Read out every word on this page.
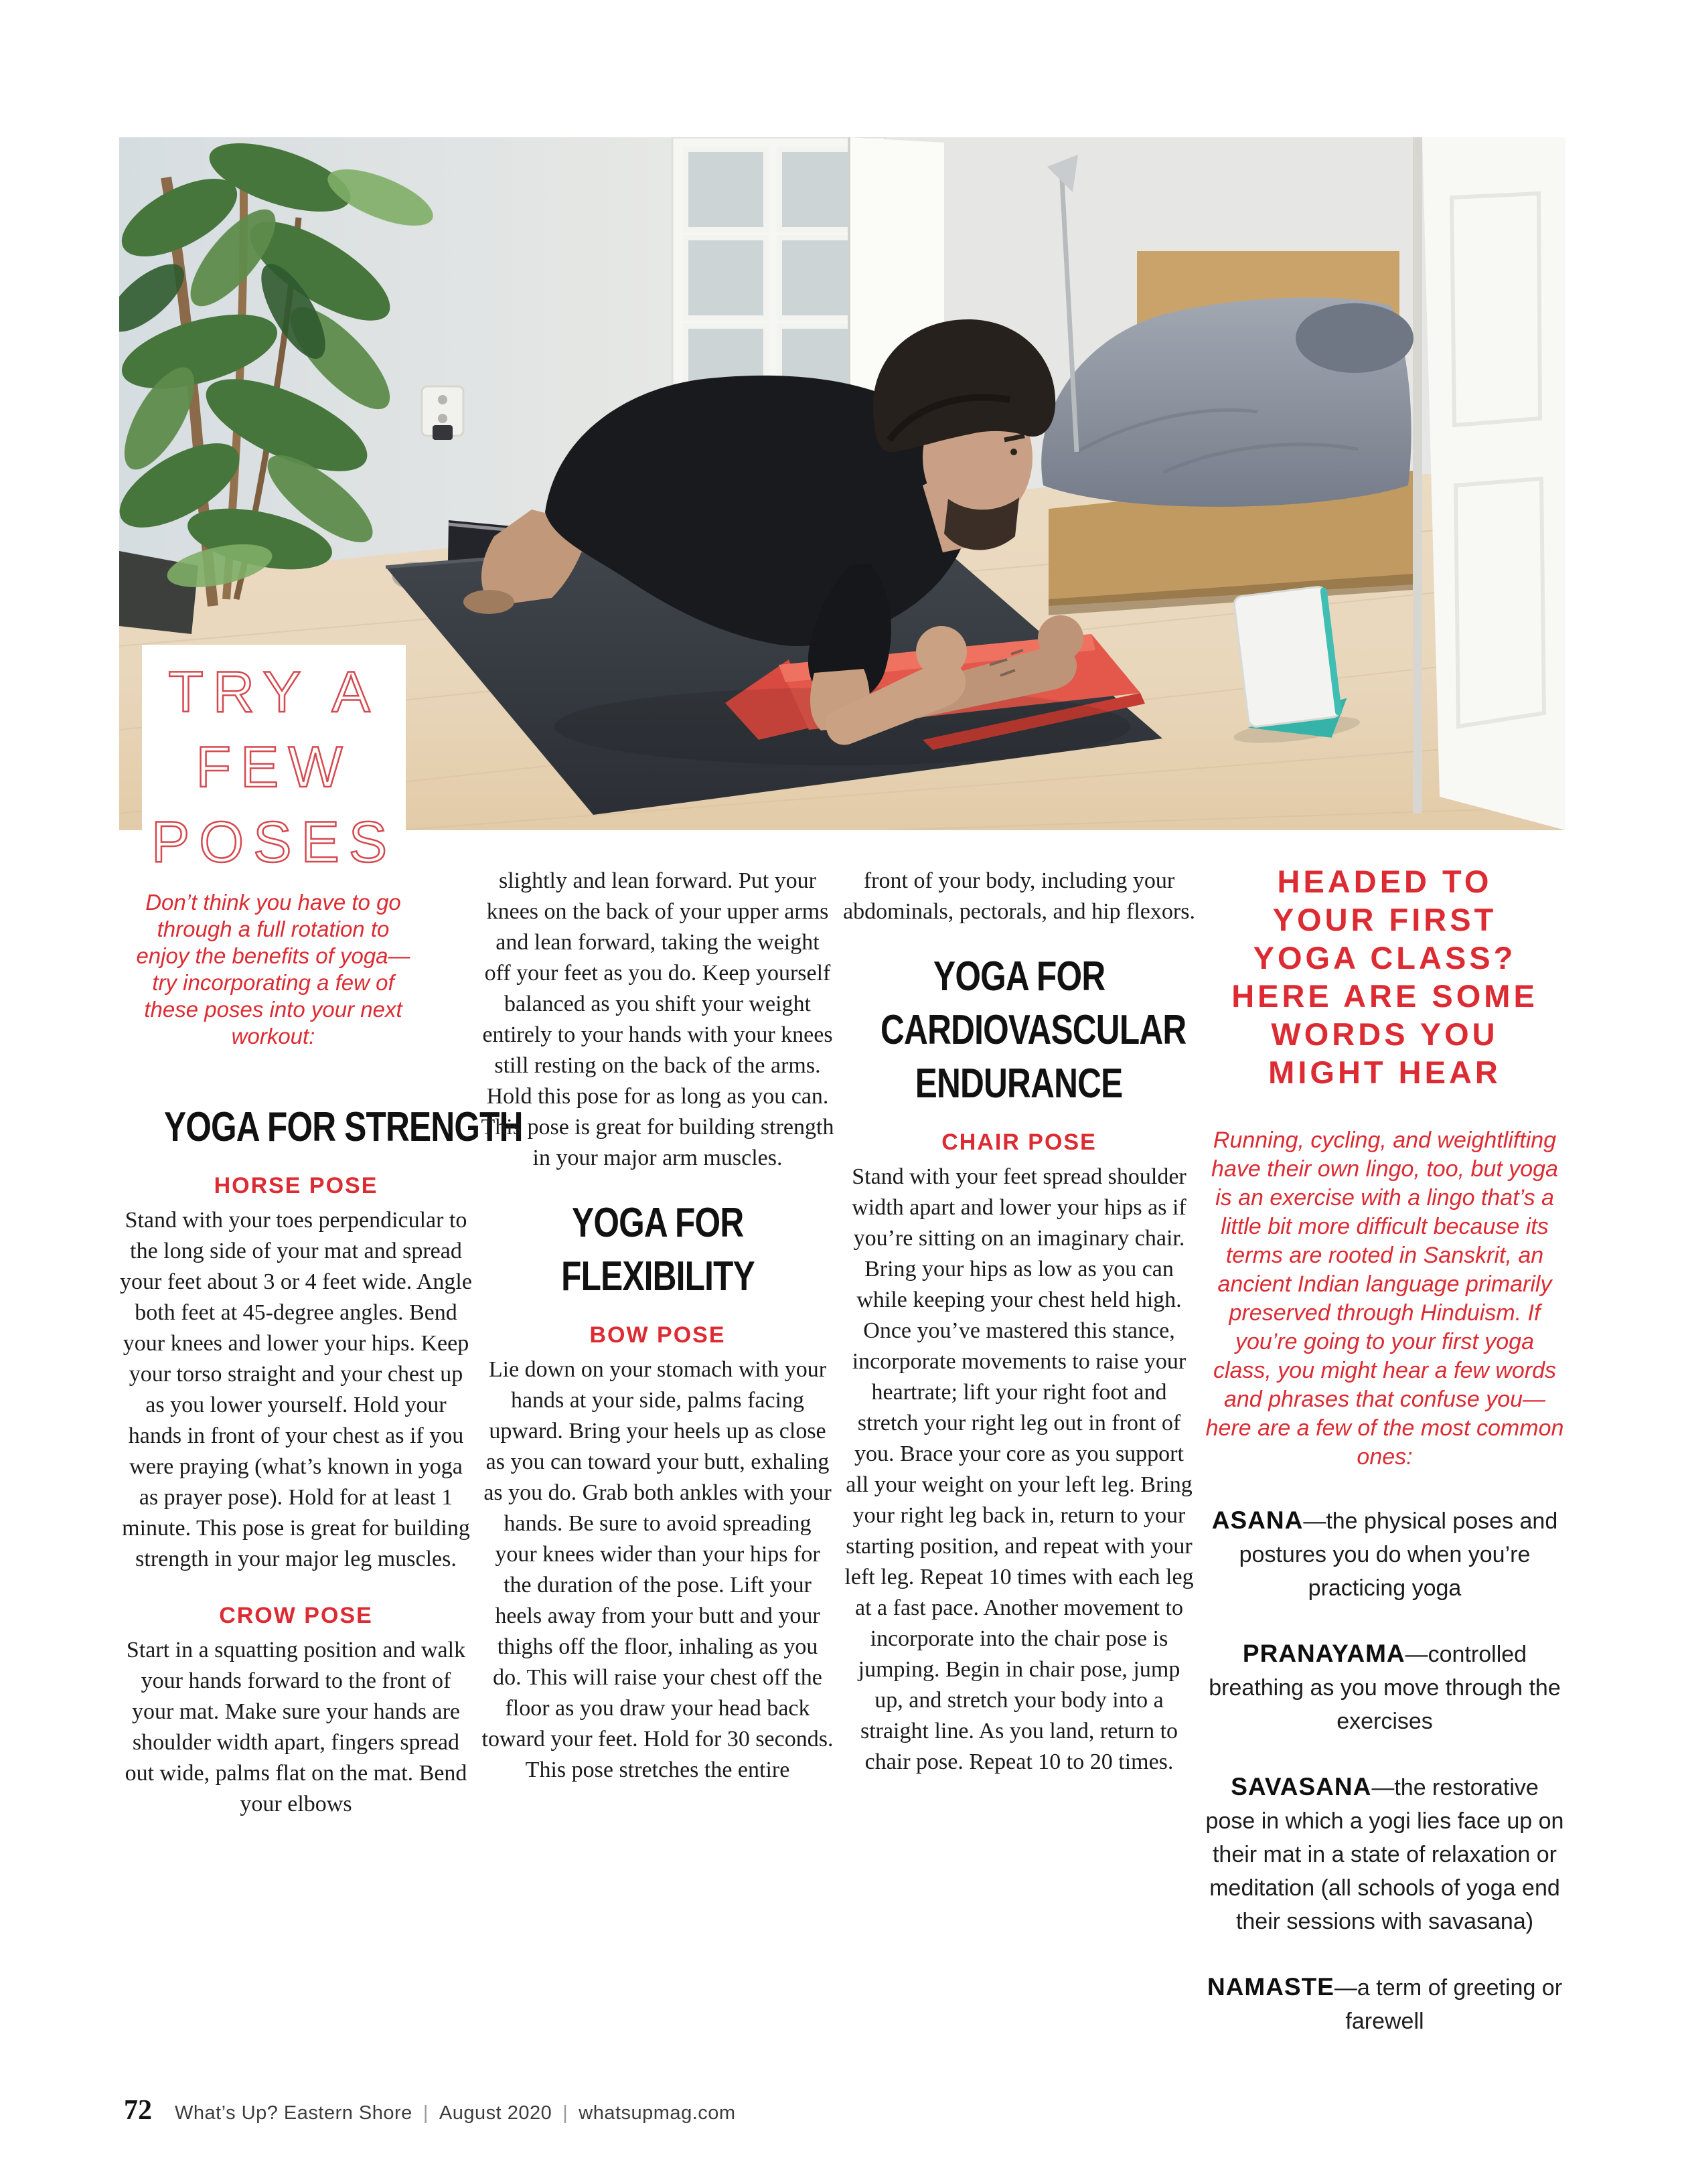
TRY A
FEW
POSES
Don’t think you have to go through a full rotation to enjoy the benefits of yoga—try incorporating a few of these poses into your next workout:
YOGA FOR STRENGTH
HORSE POSE
Stand with your toes perpendicular to the long side of your mat and spread your feet about 3 or 4 feet wide. Angle both feet at 45-degree angles. Bend your knees and lower your hips. Keep your torso straight and your chest up as you lower yourself. Hold your hands in front of your chest as if you were praying (what’s known in yoga as prayer pose). Hold for at least 1 minute. This pose is great for building strength in your major leg muscles.
CROW POSE
Start in a squatting position and walk your hands forward to the front of your mat. Make sure your hands are shoulder width apart, fingers spread out wide, palms flat on the mat. Bend your elbows
slightly and lean forward. Put your knees on the back of your upper arms and lean forward, taking the weight off your feet as you do. Keep yourself balanced as you shift your weight entirely to your hands with your knees still resting on the back of the arms. Hold this pose for as long as you can. This pose is great for building strength in your major arm muscles.
YOGA FOR
FLEXIBILITY
BOW POSE
Lie down on your stomach with your hands at your side, palms facing upward. Bring your heels up as close as you can toward your butt, exhaling as you do. Grab both ankles with your hands. Be sure to avoid spreading your knees wider than your hips for the duration of the pose. Lift your heels away from your butt and your thighs off the floor, inhaling as you do. This will raise your chest off the floor as you draw your head back toward your feet. Hold for 30 seconds. This pose stretches the entire
front of your body, including your abdominals, pectorals, and hip flexors.
YOGA FOR
CARDIOVASCULAR
ENDURANCE
CHAIR POSE
Stand with your feet spread shoulder width apart and lower your hips as if you’re sitting on an imaginary chair. Bring your hips as low as you can while keeping your chest held high. Once you’ve mastered this stance, incorporate movements to raise your heartrate; lift your right foot and stretch your right leg out in front of you. Brace your core as you support all your weight on your left leg. Bring your right leg back in, return to your starting position, and repeat with your left leg. Repeat 10 times with each leg at a fast pace. Another movement to incorporate into the chair pose is jumping. Begin in chair pose, jump up, and stretch your body into a straight line. As you land, return to chair pose. Repeat 10 to 20 times.
HEADED TO
YOUR FIRST
YOGA CLASS?
HERE ARE SOME
WORDS YOU
MIGHT HEAR
Running, cycling, and weightlifting have their own lingo, too, but yoga is an exercise with a lingo that’s a little bit more difficult because its terms are rooted in Sanskrit, an ancient Indian language primarily preserved through Hinduism. If you’re going to your first yoga class, you might hear a few words and phrases that confuse you—here are a few of the most common ones:
ASANA—the physical poses and postures you do when you’re practicing yoga
PRANAYAMA—controlled breathing as you move through the exercises
SAVASANA—the restorative pose in which a yogi lies face up on their mat in a state of relaxation or meditation (all schools of yoga end their sessions with savasana)
NAMASTE—a term of greeting or farewell
72 What’s Up? Eastern Shore | August 2020 | whatsupmag.com
